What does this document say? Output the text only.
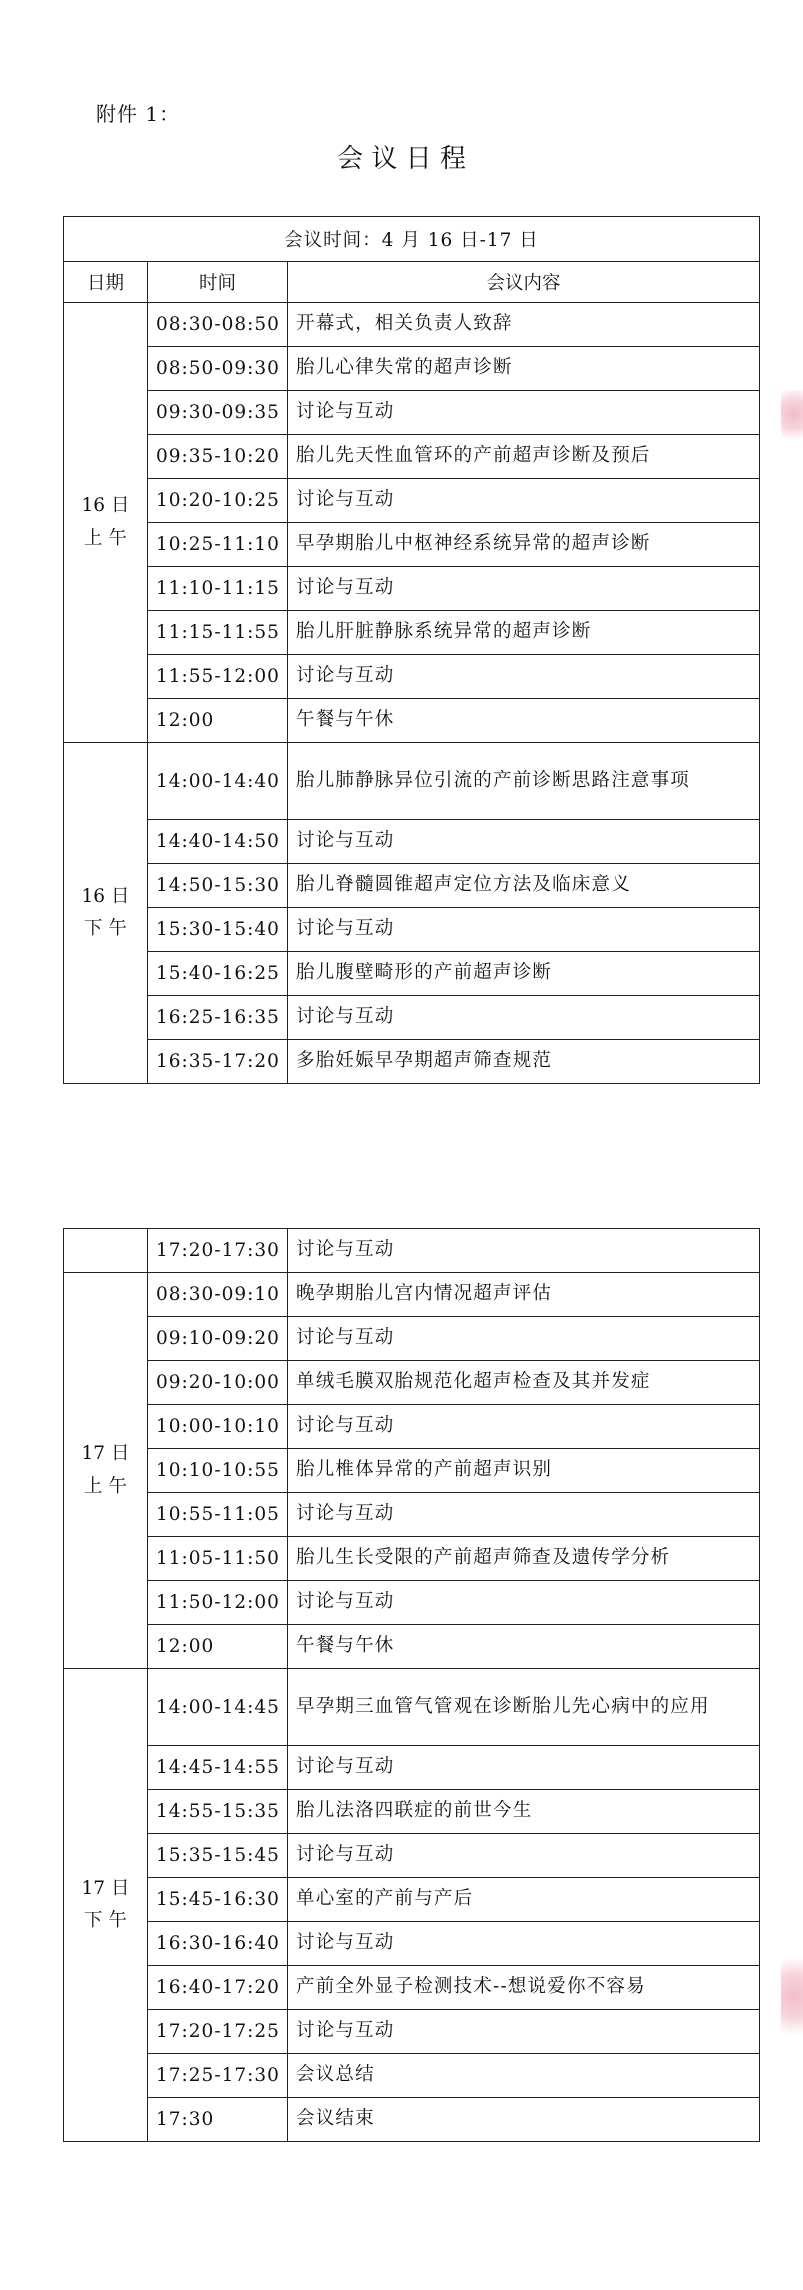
附件 1：
会 议 日 程
会议时间：4 月 16 日-17 日		
日期	时间	会议内容

16 日
上 午	08:30-08:50	开幕式，相关负责人致辞
	08:50-09:30	胎儿心律失常的超声诊断
	09:30-09:35	讨论与互动
	09:35-10:20	胎儿先天性血管环的产前超声诊断及预后
	10:20-10:25	讨论与互动
	10:25-11:10	早孕期胎儿中枢神经系统异常的超声诊断
	11:10-11:15	讨论与互动
	11:15-11:55	胎儿肝脏静脉系统异常的超声诊断
	11:55-12:00	讨论与互动
	12:00	午餐与午休

16 日
下 午	14:00-14:40	胎儿肺静脉异位引流的产前诊断思路注意事项
	14:40-14:50	讨论与互动
	14:50-15:30	胎儿脊髓圆锥超声定位方法及临床意义
	15:30-15:40	讨论与互动
	15:40-16:25	胎儿腹壁畸形的产前超声诊断
	16:25-16:35	讨论与互动
	16:35-17:20	多胎妊娠早孕期超声筛查规范
	17:20-17:30	讨论与互动

17 日
上 午	08:30-09:10	晚孕期胎儿宫内情况超声评估
	09:10-09:20	讨论与互动
	09:20-10:00	单绒毛膜双胎规范化超声检查及其并发症
	10:00-10:10	讨论与互动
	10:10-10:55	胎儿椎体异常的产前超声识别
	10:55-11:05	讨论与互动
	11:05-11:50	胎儿生长受限的产前超声筛查及遗传学分析
	11:50-12:00	讨论与互动
	12:00	午餐与午休

17 日
下 午	14:00-14:45	早孕期三血管气管观在诊断胎儿先心病中的应用
	14:45-14:55	讨论与互动
	14:55-15:35	胎儿法洛四联症的前世今生
	15:35-15:45	讨论与互动
	15:45-16:30	单心室的产前与产后
	16:30-16:40	讨论与互动
	16:40-17:20	产前全外显子检测技术--想说爱你不容易
	17:20-17:25	讨论与互动
	17:25-17:30	会议总结
	17:30	会议结束
